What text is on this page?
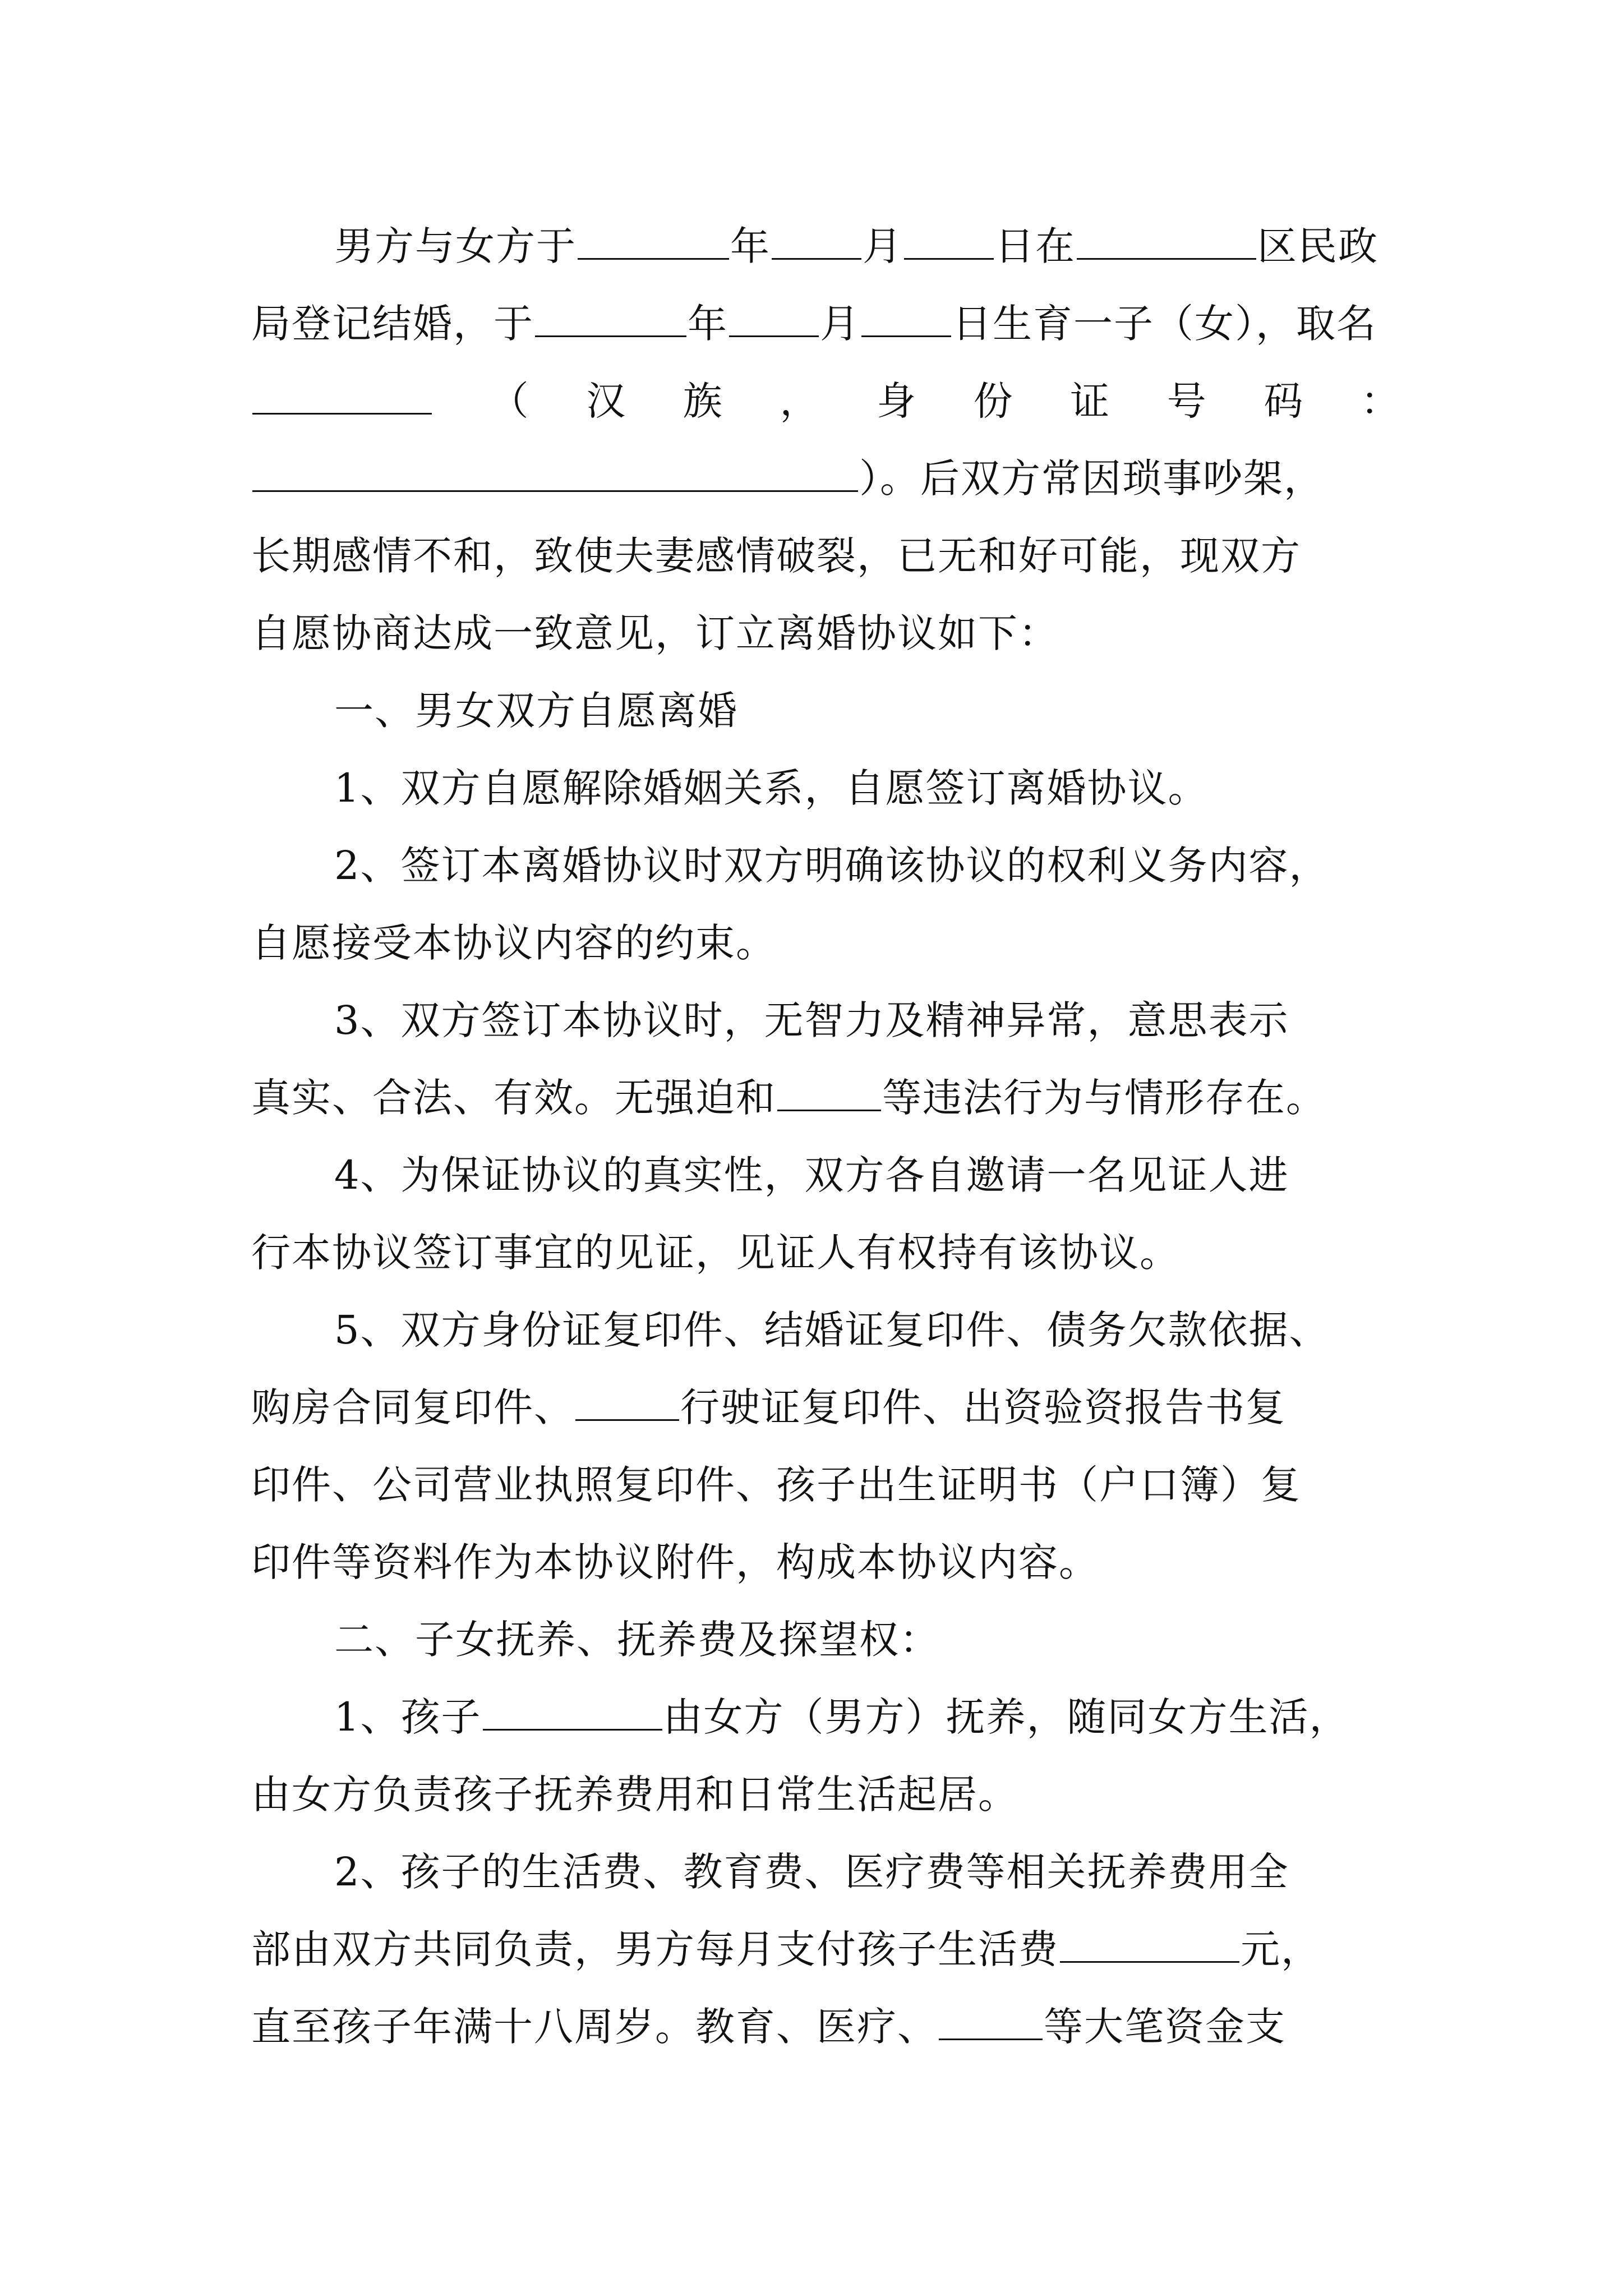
男方与女方于	年 月 日在	区民政
局登记结婚，于	年 月 日生育一子（女），取名
（ 汉 族 ， 身 份 证 号 码 ：
）。后双方常因琐事吵架，
长期感情不和，致使夫妻感情破裂，已无和好可能，现双方
自愿协商达成一致意见，订立离婚协议如下：
一、男女双方自愿离婚
1、双方自愿解除婚姻关系，自愿签订离婚协议。
2、签订本离婚协议时双方明确该协议的权利义务内容，
自愿接受本协议内容的约束。
3、双方签订本协议时，无智力及精神异常，意思表示
真实、合法、有效。无强迫和	等违法行为与情形存在。
4、为保证协议的真实性，双方各自邀请一名见证人进
行本协议签订事宜的见证，见证人有权持有该协议。
5、双方身份证复印件、结婚证复印件、债务欠款依据、
购房合同复印件、	行驶证复印件、出资验资报告书复
印件、公司营业执照复印件、孩子出生证明书（户口簿）复
印件等资料作为本协议附件，构成本协议内容。
二、子女抚养、抚养费及探望权：
1、孩子	由女方（男方）抚养，随同女方生活，
由女方负责孩子抚养费用和日常生活起居。
2、孩子的生活费、教育费、医疗费等相关抚养费用全
部由双方共同负责，男方每月支付孩子生活费	元，
直至孩子年满十八周岁。教育、医疗、	等大笔资金支
